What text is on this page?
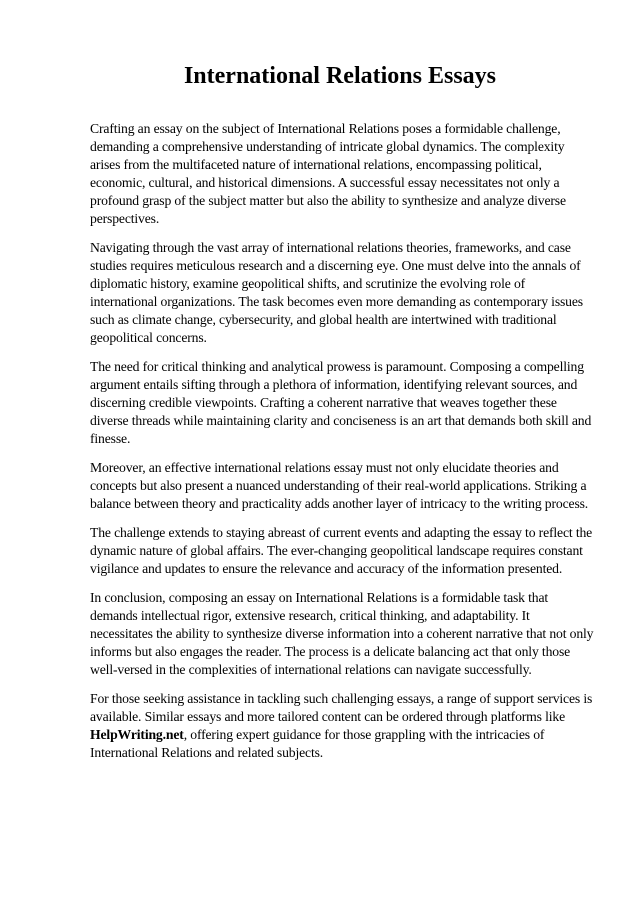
International Relations Essays

Crafting an essay on the subject of International Relations poses a formidable challenge, demanding a comprehensive understanding of intricate global dynamics. The complexity arises from the multifaceted nature of international relations, encompassing political, economic, cultural, and historical dimensions. A successful essay necessitates not only a profound grasp of the subject matter but also the ability to synthesize and analyze diverse perspectives.

Navigating through the vast array of international relations theories, frameworks, and case studies requires meticulous research and a discerning eye. One must delve into the annals of diplomatic history, examine geopolitical shifts, and scrutinize the evolving role of international organizations. The task becomes even more demanding as contemporary issues such as climate change, cybersecurity, and global health are intertwined with traditional geopolitical concerns.

The need for critical thinking and analytical prowess is paramount. Composing a compelling argument entails sifting through a plethora of information, identifying relevant sources, and discerning credible viewpoints. Crafting a coherent narrative that weaves together these diverse threads while maintaining clarity and conciseness is an art that demands both skill and finesse.

Moreover, an effective international relations essay must not only elucidate theories and concepts but also present a nuanced understanding of their real-world applications. Striking a balance between theory and practicality adds another layer of intricacy to the writing process.

The challenge extends to staying abreast of current events and adapting the essay to reflect the dynamic nature of global affairs. The ever-changing geopolitical landscape requires constant vigilance and updates to ensure the relevance and accuracy of the information presented.

In conclusion, composing an essay on International Relations is a formidable task that demands intellectual rigor, extensive research, critical thinking, and adaptability. It necessitates the ability to synthesize diverse information into a coherent narrative that not only informs but also engages the reader. The process is a delicate balancing act that only those well-versed in the complexities of international relations can navigate successfully.

For those seeking assistance in tackling such challenging essays, a range of support services is available. Similar essays and more tailored content can be ordered through platforms like HelpWriting.net, offering expert guidance for those grappling with the intricacies of International Relations and related subjects.
